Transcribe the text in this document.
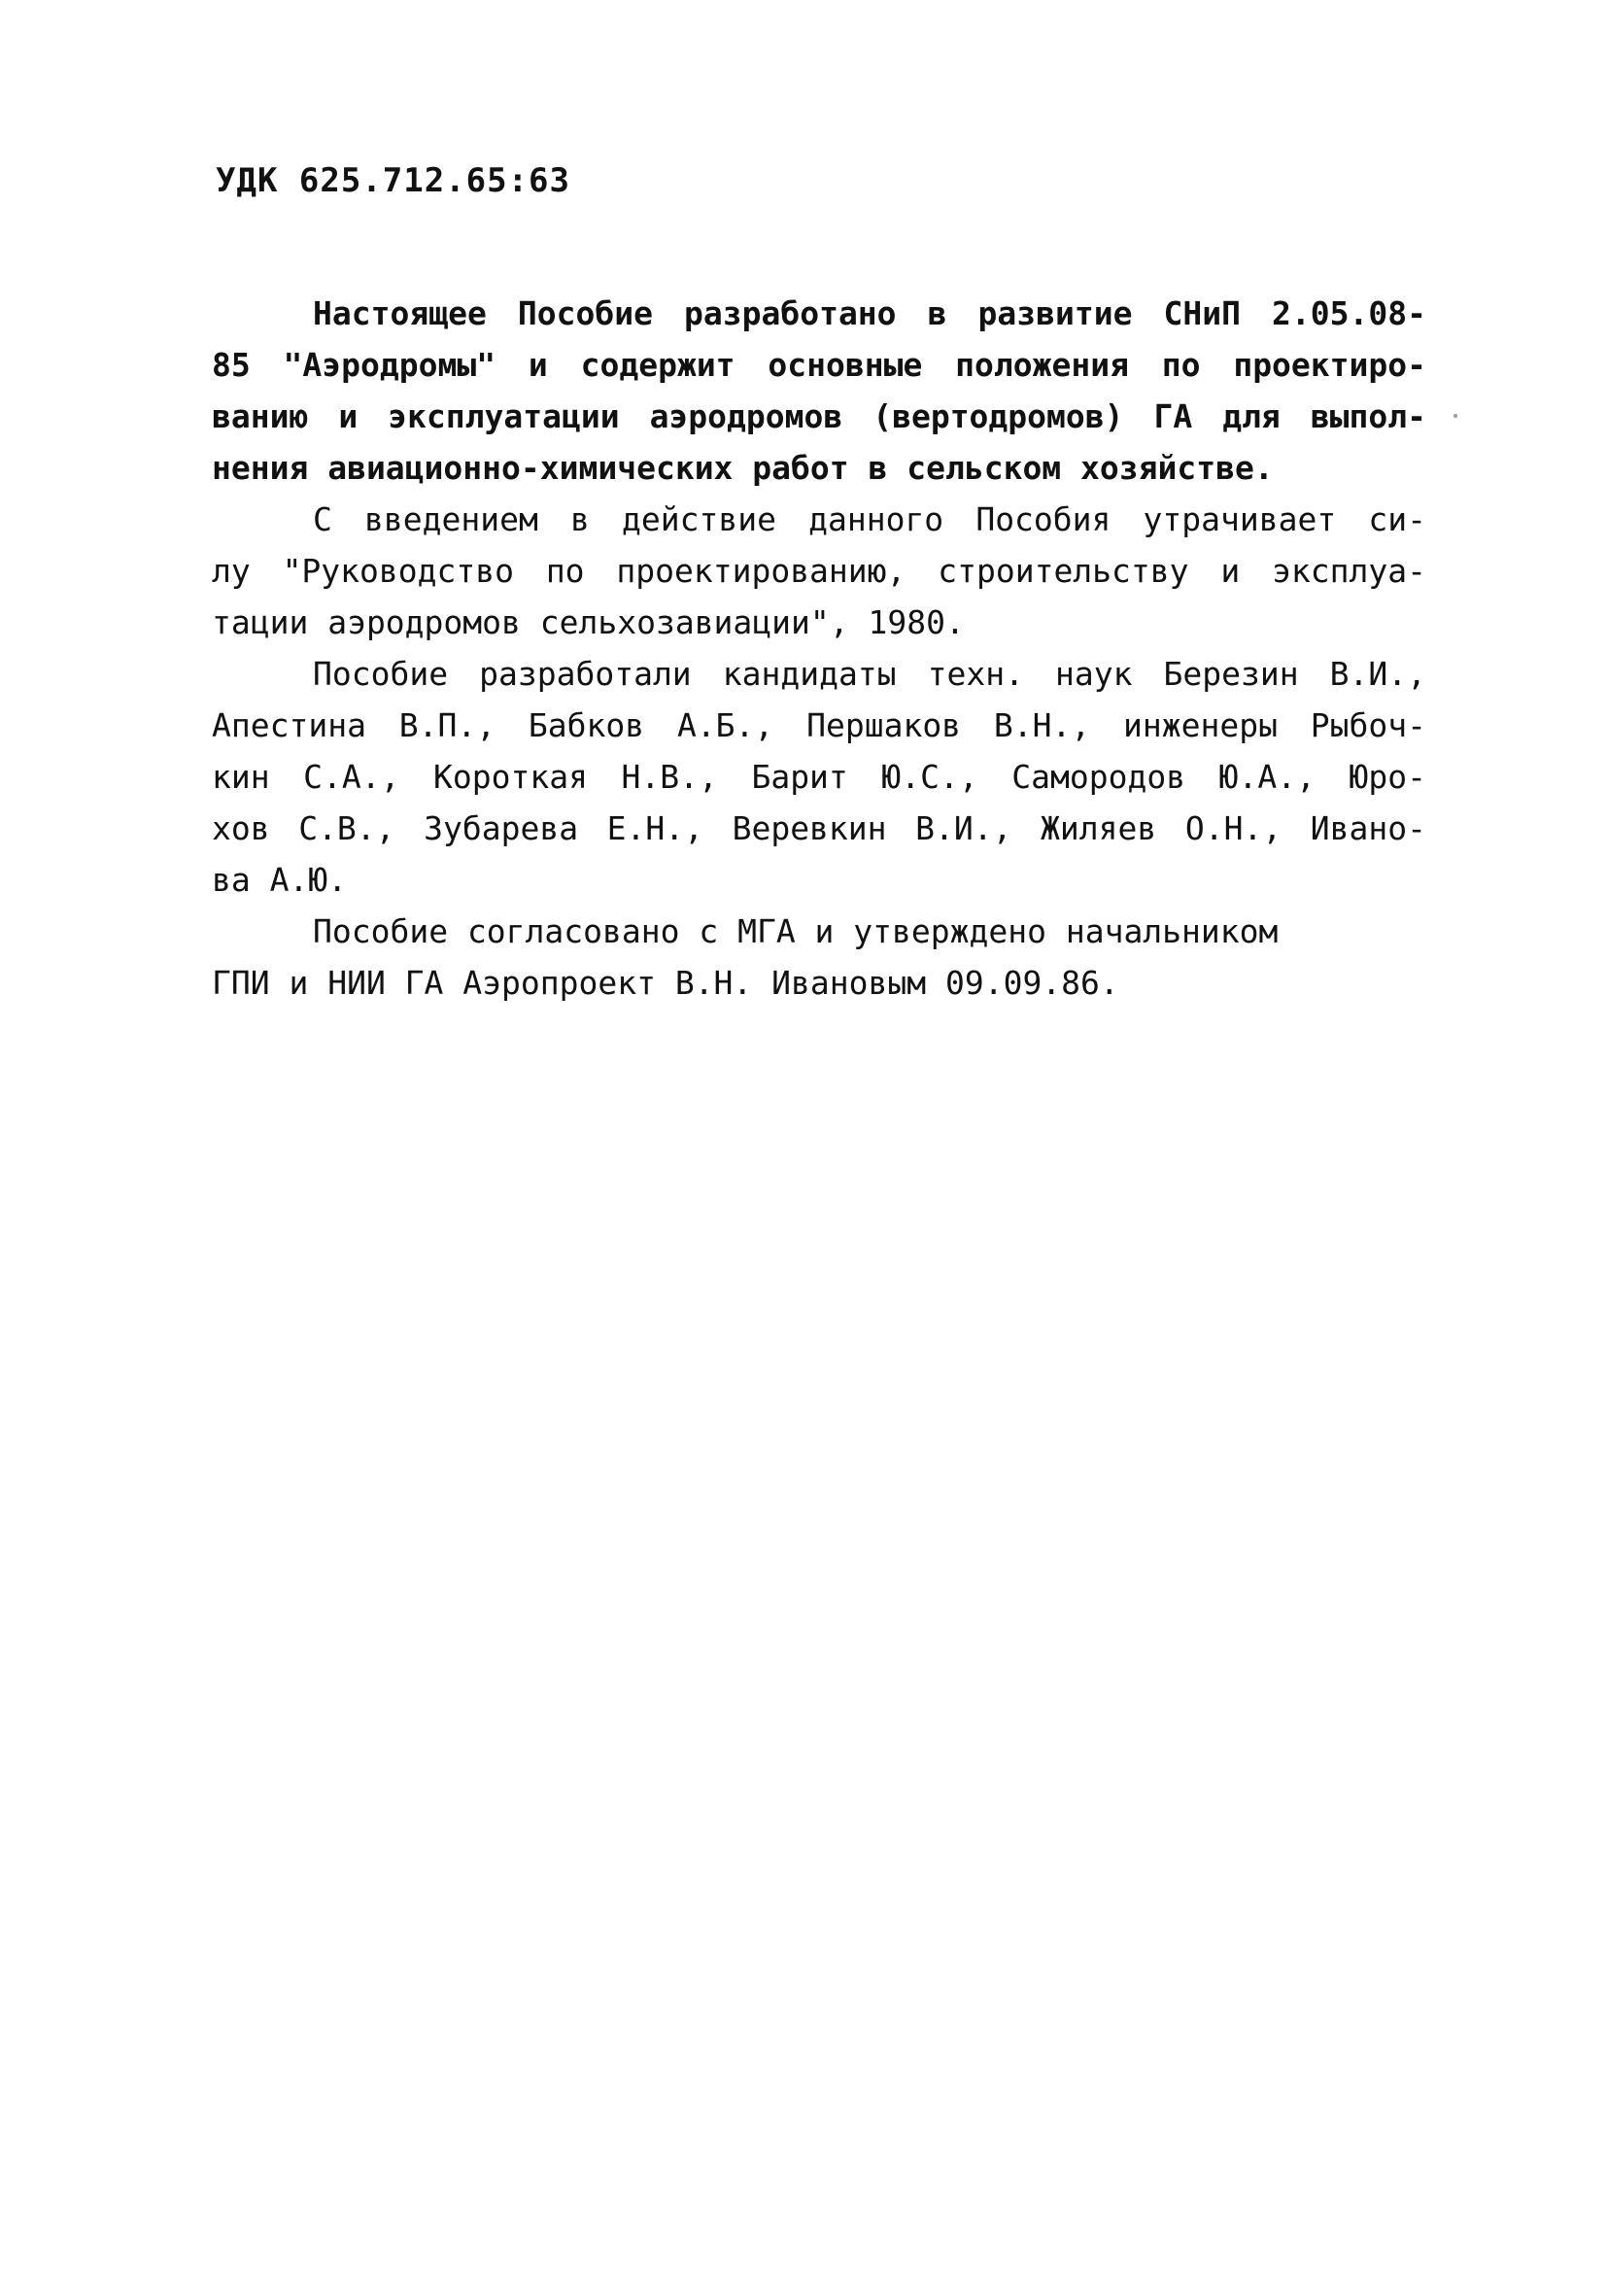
УДК 625.712.65:63
Настоящее Пособие разработано в развитие СНиП 2.05.08-
85 "Аэродромы" и содержит основные положения по проектиро-
ванию и эксплуатации аэродромов (вертодромов) ГА для выпол-
нения авиационно-химических работ в сельском хозяйстве.
С введением в действие данного Пособия утрачивает си-
лу "Руководство по проектированию, строительству и эксплуа-
тации аэродромов сельхозавиации", 1980.
Пособие разработали кандидаты техн. наук Березин В.И.,
Апестина В.П., Бабков А.Б., Першаков В.Н., инженеры Рыбоч-
кин С.А., Короткая Н.В., Барит Ю.С., Самородов Ю.А., Юро-
хов С.В., Зубарева Е.Н., Веревкин В.И., Жиляев О.Н., Ивано-
ва А.Ю.
Пособие согласовано с МГА и утверждено начальником
ГПИ и НИИ ГА Аэропроект В.Н. Ивановым 09.09.86.
